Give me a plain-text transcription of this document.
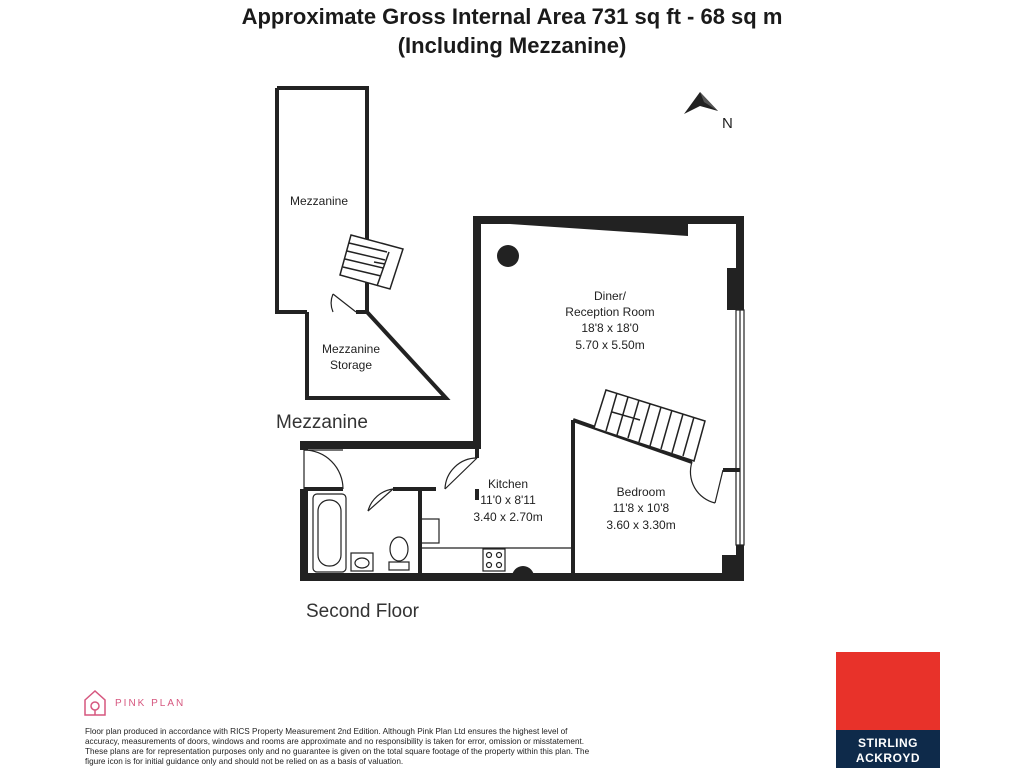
Approximate Gross Internal Area 731 sq ft - 68 sq m
(Including Mezzanine)
N
Mezzanine
Mezzanine
Storage
Mezzanine
Diner/
Reception Room
18'8 x 18'0
5.70 x 5.50m
Kitchen
11'0 x 8'11
3.40 x 2.70m
Bedroom
11'8 x 10'8
3.60 x 3.30m
Second Floor
PINK PLAN

Floor plan produced in accordance with RICS Property Measurement 2nd Edition. Although Pink Plan Ltd ensures the highest level of accuracy, measurements of doors, windows and rooms are approximate and no responsibility is taken for error, omission or misstatement. These plans are for representation purposes only and no guarantee is given on the total square footage of the property within this plan. The figure icon is for initial guidance only and should not be relied on as a basis of valuation.

STIRLING
ACKROYD
